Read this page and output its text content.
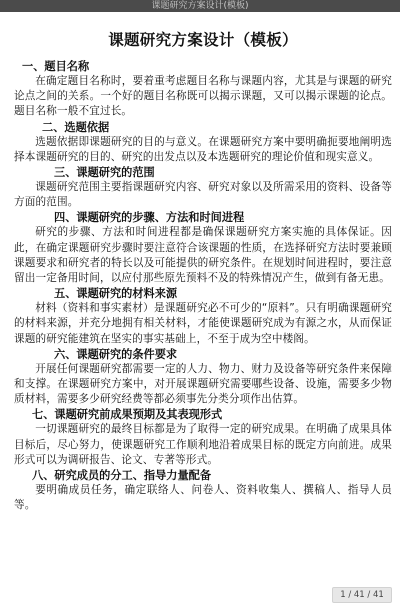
课题研究方案设计(模板)
课题研究方案设计（模板）

一、题目名称

在确定题目名称时，要着重考虑题目名称与课题内容，尤其是与课题的研究论点之间的关系。一个好的题目名称既可以揭示课题，又可以揭示课题的论点。题目名称一般不宜过长。

二、选题依据

选题依据即课题研究的目的与意义。在课题研究方案中要明确扼要地阐明选择本课题研究的目的、研究的出发点以及本选题研究的理论价值和现实意义。

三、课题研究的范围

课题研究范围主要指课题研究内容、研究对象以及所需采用的资料、设备等方面的范围。

四、课题研究的步骤、方法和时间进程

研究的步骤、方法和时间进程都是确保课题研究方案实施的具体保证。因此，在确定课题研究步骤时要注意符合该课题的性质，在选择研究方法时要兼顾课题要求和研究者的特长以及可能提供的研究条件。在规划时间进程时，要注意留出一定备用时间，以应付那些原先预料不及的特殊情况产生，做到有备无患。

五、课题研究的材料来源

材料（资料和事实素材）是课题研究必不可少的“原料”。只有明确课题研究的材料来源，并充分地拥有相关材料，才能使课题研究成为有源之水，从而保证课题的研究能建筑在坚实的事实基础上，不至于成为空中楼阁。

六、课题研究的条件要求

开展任何课题研究都需要一定的人力、物力、财力及设备等研究条件来保障和支撑。在课题研究方案中，对开展课题研究需要哪些设备、设施，需要多少物质材料，需要多少研究经费等都必须事先分类分项作出估算。

七、课题研究前成果预期及其表现形式

一切课题研究的最终目标都是为了取得一定的研究成果。在明确了成果具体目标后，尽心努力，使课题研究工作顺利地沿着成果目标的既定方向前进。成果形式可以为调研报告、论文、专著等形式。

八、研究成员的分工、指导力量配备

要明确成员任务，确定联络人、问卷人、资料收集人、撰稿人、指导人员等。

1 / 41 / 41
